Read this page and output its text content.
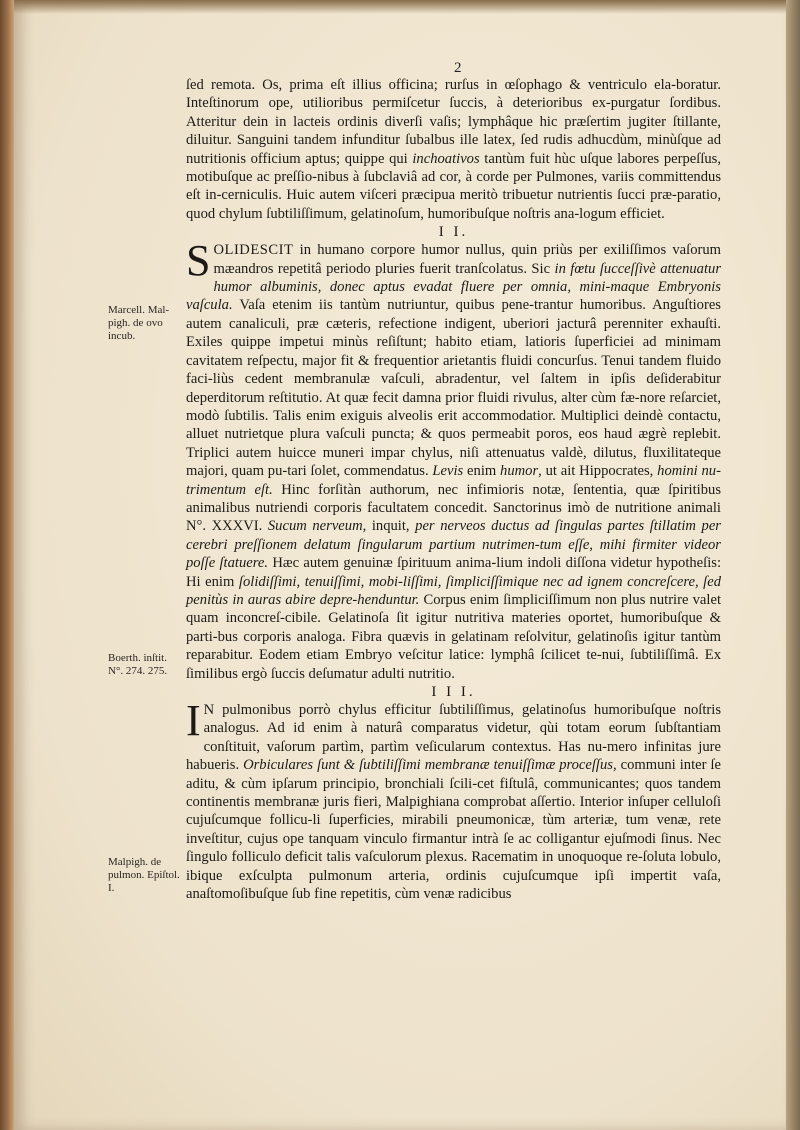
2
Marcell. Mal-pigh. de ovo incub.
Boerth. inſtit. N°. 274. 275.
Malpigh. de pulmon. Epiſtol. I.

ſed remota. Os, prima eſt illius officina; rurſus in œſophago & ventriculo ela-boratur. Inteſtinorum ope, utilioribus permiſcetur ſuccis, à deterioribus ex-purgatur ſordibus. Atteritur dein in lacteis ordinis diverſi vaſis; lymphâque hic præſertim jugiter ſtillante, diluitur. Sanguini tandem infunditur ſubalbus ille latex, ſed rudis adhucdùm, minùſque ad nutritionis officium aptus; quippe qui inchoativos tantùm fuit hùc uſque labores perpeſſus, motibuſque ac preſſio-nibus à ſubclaviâ ad cor, à corde per Pulmones, variis committendus eſt in-cerniculis. Huic autem viſceri præcipua meritò tribuetur nutrientis ſucci præ-paratio, quod chylum ſubtiliſſimum, gelatinoſum, humoribuſque noſtris ana-logum efficiet.

I I.

S OLIDESCIT in humano corpore humor nullus, quin priùs per exiliſſimos vaſorum mæandros repetitâ periodo pluries fuerit tranſcolatus. Sic in fœtu ſucceſſivè attenuatur humor albuminis, donec aptus evadat fluere per omnia, mini-maque Embryonis vaſcula. Vaſa etenim iis tantùm nutriuntur, quibus pene-trantur humoribus. Anguſtiores autem canaliculi, præ cæteris, refectione indigent, uberiori jacturâ perenniter exhauſti. Exiles quippe impetui minùs reſiſtunt; habito etiam, latioris ſuperficiei ad minimam cavitatem reſpectu, major fit & frequentior arietantis fluidi concurſus. Tenui tandem fluido faci-liùs cedent membranulæ vaſculi, abradentur, vel ſaltem in ipſis deſiderabitur deperditorum reſtitutio. At quæ fecit damna prior fluidi rivulus, alter cùm fæ-nore reſarciet, modò ſubtilis. Talis enim exiguis alveolis erit accommodatior. Multiplici deindè contactu, alluet nutrietque plura vaſculi puncta; & quos permeabit poros, eos haud ægrè replebit. Triplici autem huicce muneri impar chylus, niſi attenuatus valdè, dilutus, fluxilitateque majori, quam pu-tari ſolet, commendatus. Levis enim humor, ut ait Hippocrates, homini nu-trimentum eſt. Hinc forſitàn authorum, nec infimioris notæ, ſententia, quæ ſpiritibus animalibus nutriendi corporis facultatem concedit. Sanctorinus imò de nutritione animali N°. XXXVI. Sucum nerveum, inquit, per nerveos ductus ad ſingulas partes ſtillatim per cerebri preſſionem delatum ſingularum partium nutrimen-tum eſſe, mihi firmiter videor poſſe ſtatuere. Hæc autem genuinæ ſpirituum anima-lium indoli diſſona videtur hypotheſis: Hi enim ſolidiſſimi, tenuiſſimi, mobi-liſſimi, ſimpliciſſimique nec ad ignem concreſcere, ſed penitùs in auras abire depre-henduntur. Corpus enim ſimpliciſſimum non plus nutrire valet quam inconcreſ-cibile. Gelatinoſa ſit igitur nutritiva materies oportet, humoribuſque & parti-bus corporis analoga. Fibra quævis in gelatinam reſolvitur, gelatinoſis igitur tantùm reparabitur. Eodem etiam Embryo veſcitur latice: lymphâ ſcilicet te-nui, ſubtiliſſimâ. Ex ſimilibus ergò ſuccis deſumatur adulti nutritio.

I I I.

I N pulmonibus porrò chylus efficitur ſubtiliſſimus, gelatinoſus humoribuſque noſtris analogus. Ad id enim à naturâ comparatus videtur, qùi totam eorum ſubſtantiam conſtituit, vaſorum partìm, partìm veſicularum contextus. Has nu-mero infinitas jure habueris. Orbiculares ſunt & ſubtiliſſimi membranæ tenuiſſimæ proceſſus, communi inter ſe aditu, & cùm ipſarum principio, bronchiali ſcili-cet fiſtulâ, communicantes; quos tandem continentis membranæ juris fieri, Malpighiana comprobat aſſertio. Interior inſuper celluloſi cujuſcumque follicu-li ſuperficies, mirabili pneumonicæ, tùm arteriæ, tum venæ, rete inveſtitur, cujus ope tanquam vinculo firmantur intrà ſe ac colligantur ejuſmodi ſinus. Nec ſingulo folliculo deficit talis vaſculorum plexus. Racematim in unoquoque re-ſoluta lobulo, ibique exſculpta pulmonum arteria, ordinis cujuſcumque ipſi impertit vaſa, anaſtomoſibuſque ſub fine repetitis, cùm venæ radicibus
